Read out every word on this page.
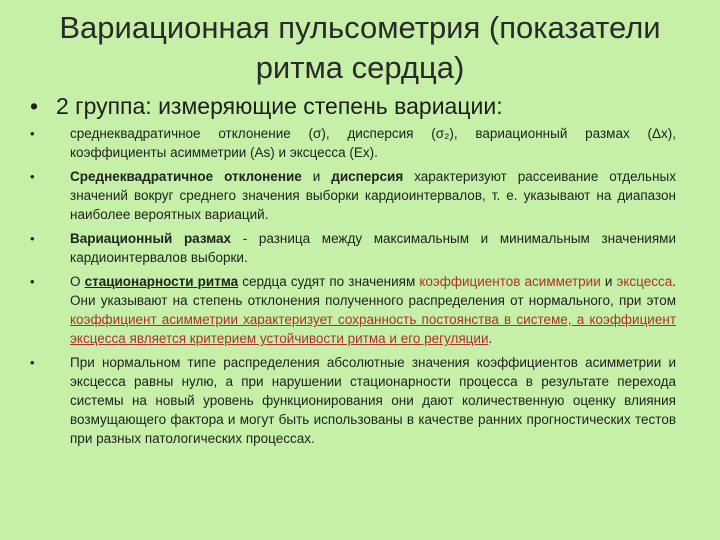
Вариационная пульсометрия (показатели
ритма сердца)
• 2 группа: измеряющие степень вариации:
•	среднеквадратичное отклонение (σ), дисперсия (σ₂), вариационный размах (Δx), коэффициенты асимметрии (As) и эксцесса (Ex).
•	Среднеквадратичное отклонение и дисперсия характеризуют рассеивание отдельных значений вокруг среднего значения выборки кардиоинтервалов, т. е. указывают на диапазон наиболее вероятных вариаций.
•	Вариационный размах - разница между максимальным и минимальным значениями кардиоинтервалов выборки.
•	О стационарности ритма сердца судят по значениям коэффициентов асимметрии и эксцесса. Они указывают на степень отклонения полученного распределения от нормального, при этом коэффициент асимметрии характеризует сохранность постоянства в системе, а коэффициент эксцесса является критерием устойчивости ритма и его регуляции.
•	При нормальном типе распределения абсолютные значения коэффициентов асимметрии и эксцесса равны нулю, а при нарушении стационарности процесса в результате перехода системы на новый уровень функционирования они дают количественную оценку влияния возмущающего фактора и могут быть использованы в качестве ранних прогностических тестов при разных патологических процессах.
